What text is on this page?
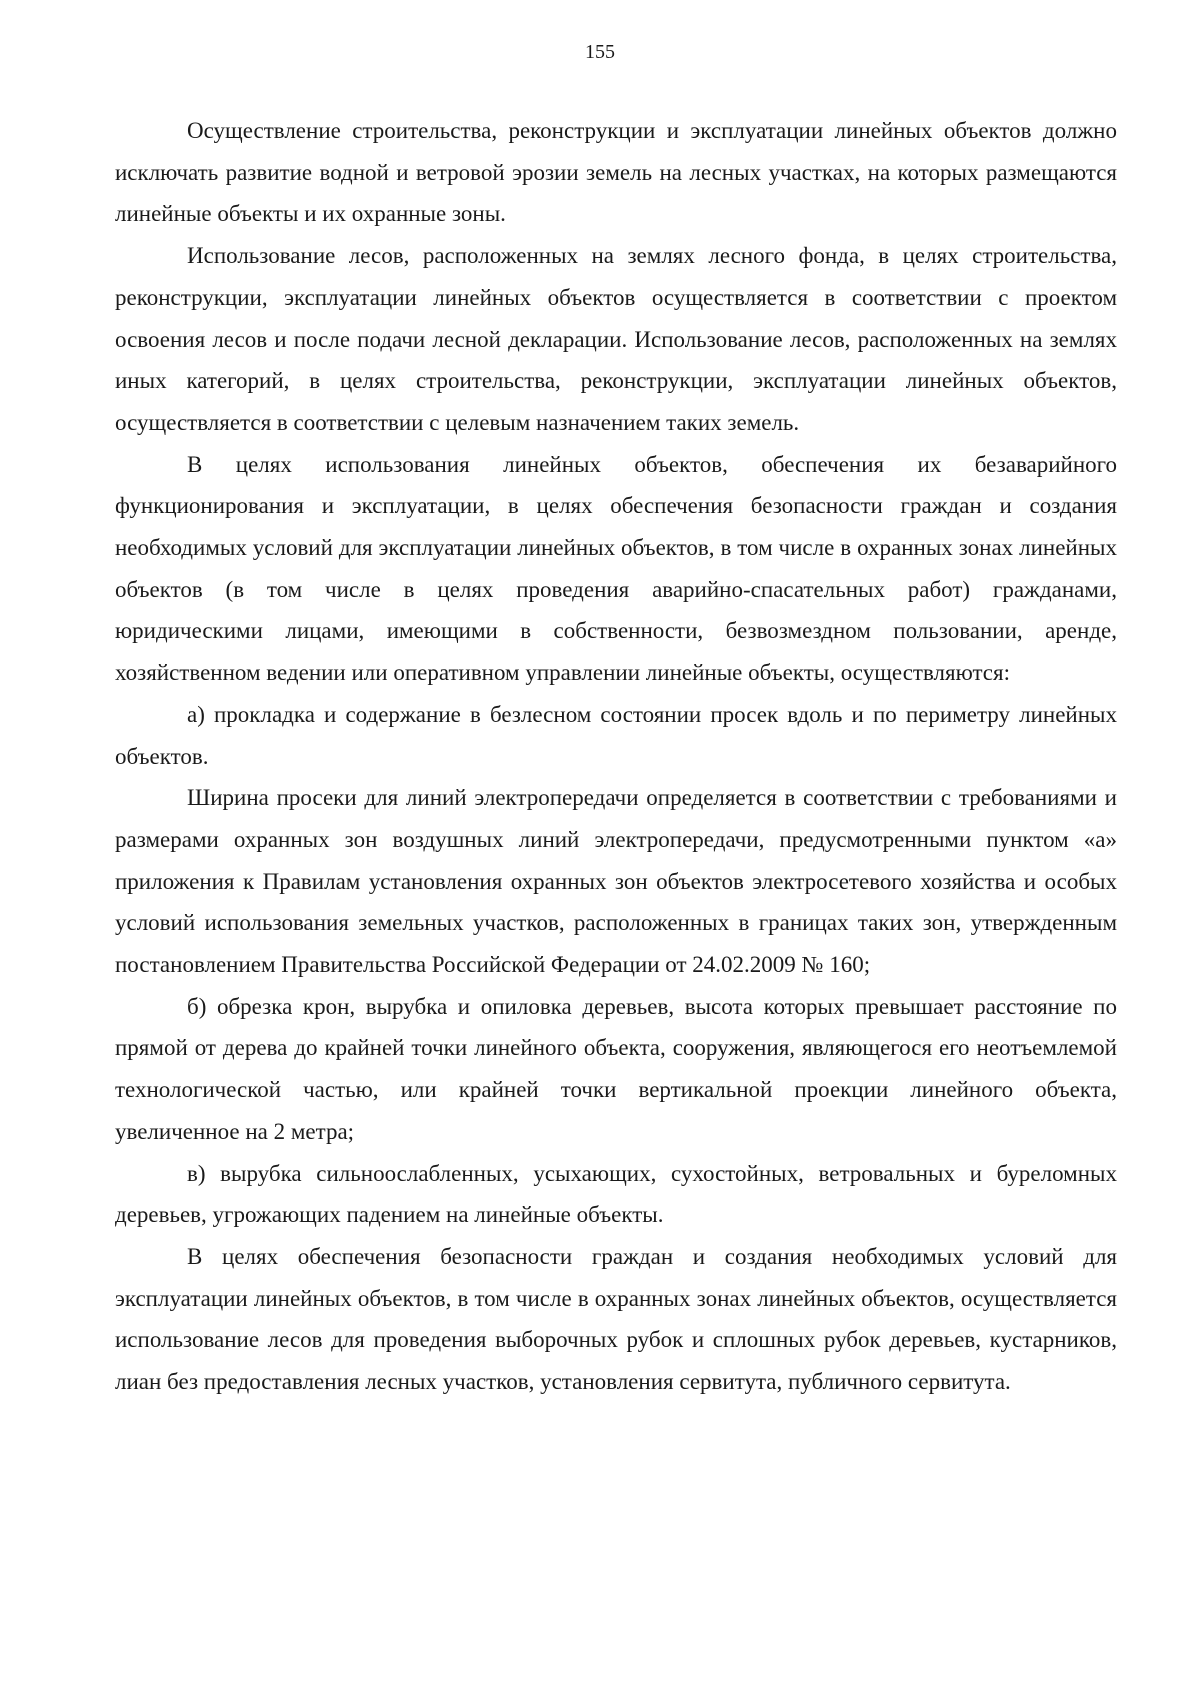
155

Осуществление строительства, реконструкции и эксплуатации линейных объектов должно исключать развитие водной и ветровой эрозии земель на лесных участках, на которых размещаются линейные объекты и их охранные зоны.

Использование лесов, расположенных на землях лесного фонда, в целях строительства, реконструкции, эксплуатации линейных объектов осуществляется в соответствии с проектом освоения лесов и после подачи лесной декларации. Использование лесов, расположенных на землях иных категорий, в целях строительства, реконструкции, эксплуатации линейных объектов, осуществляется в соответствии с целевым назначением таких земель.

В целях использования линейных объектов, обеспечения их безаварийного функционирования и эксплуатации, в целях обеспечения безопасности граждан и создания необходимых условий для эксплуатации линейных объектов, в том числе в охранных зонах линейных объектов (в том числе в целях проведения аварийно-спасательных работ) гражданами, юридическими лицами, имеющими в собственности, безвозмездном пользовании, аренде, хозяйственном ведении или оперативном управлении линейные объекты, осуществляются:

а) прокладка и содержание в безлесном состоянии просек вдоль и по периметру линейных объектов.

Ширина просеки для линий электропередачи определяется в соответствии с требованиями и размерами охранных зон воздушных линий электропередачи, предусмотренными пунктом «а» приложения к Правилам установления охранных зон объектов электросетевого хозяйства и особых условий использования земельных участков, расположенных в границах таких зон, утвержденным постановлением Правительства Российской Федерации от 24.02.2009 № 160;

б) обрезка крон, вырубка и опиловка деревьев, высота которых превышает расстояние по прямой от дерева до крайней точки линейного объекта, сооружения, являющегося его неотъемлемой технологической частью, или крайней точки вертикальной проекции линейного объекта, увеличенное на 2 метра;

в) вырубка сильноослабленных, усыхающих, сухостойных, ветровальных и буреломных деревьев, угрожающих падением на линейные объекты.

В целях обеспечения безопасности граждан и создания необходимых условий для эксплуатации линейных объектов, в том числе в охранных зонах линейных объектов, осуществляется использование лесов для проведения выборочных рубок и сплошных рубок деревьев, кустарников, лиан без предоставления лесных участков, установления сервитута, публичного сервитута.
